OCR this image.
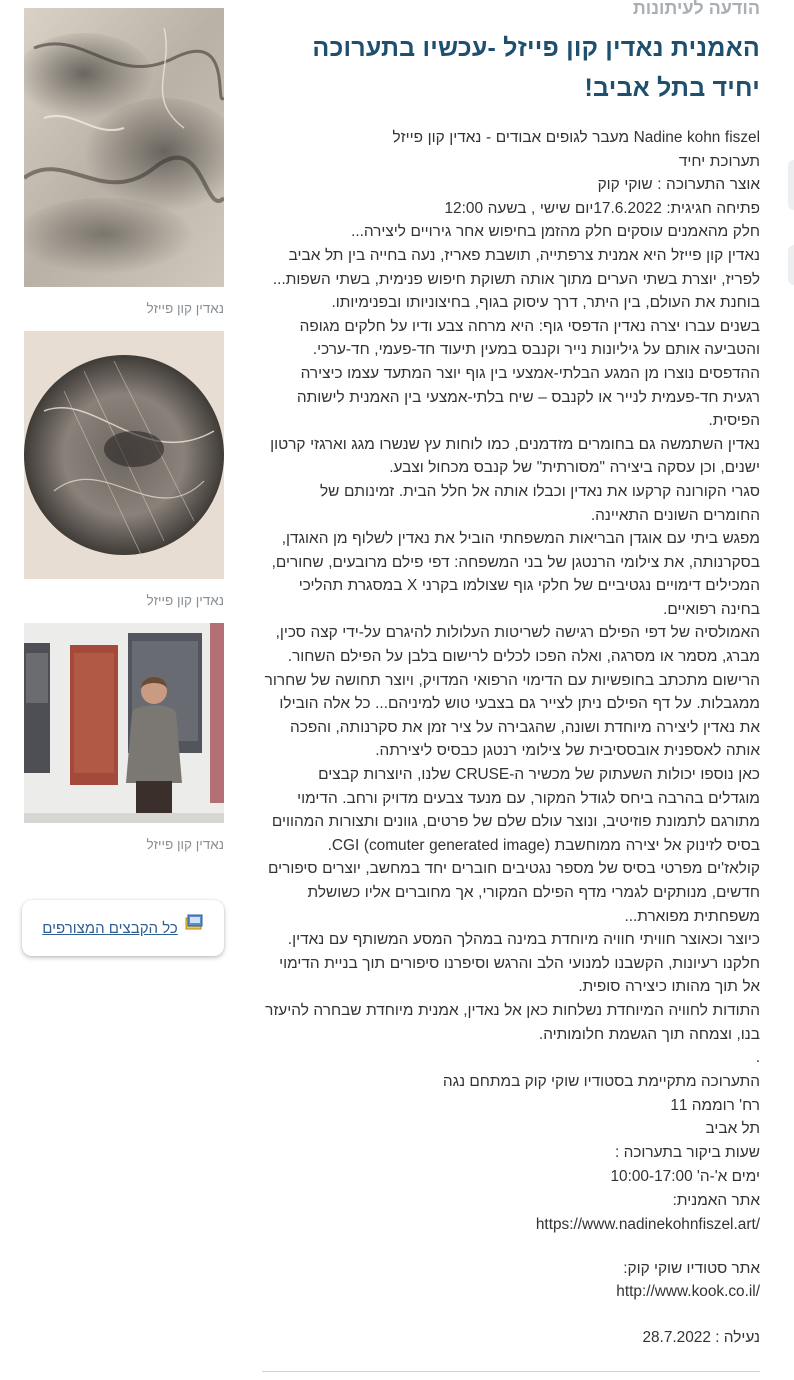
נאדין קון פייזל

נאדין קון פייזל

נאדין קון פייזל

כל הקבצים המצורפים

הודעה לעיתונות

האמנית נאדין קון פייזל -עכשיו בתערוכה יחיד בתל אביב!

Nadine kohn fiszel מעבר לגופים אבודים - נאדין קון פייזל

תערוכת יחיד

אוצר התערוכה : שוקי קוק

פתיחה חגיגית: 17.6.2022יום שישי , בשעה 12:00

חלק מהאמנים עוסקים חלק מהזמן בחיפוש אחר גירויים ליצירה...

נאדין קון פייזל היא אמנית צרפתייה, תושבת פאריז, נעה בחייה בין תל אביב לפריז, יוצרת בשתי הערים מתוך אותה תשוקת חיפוש פנימית, בשתי השפות... בוחנת את העולם, בין היתר, דרך עיסוק בגוף, בחיצוניותו ובפנימיותו.

בשנים עברו יצרה נאדין הדפסי גוף: היא מרחה צבע ודיו על חלקים מגופה והטביעה אותם על גיליונות נייר וקנבס במעין תיעוד חד-פעמי, חד-ערכי.

ההדפסים נוצרו מן המגע הבלתי-אמצעי בין גוף יוצר המתעד עצמו כיצירה רגעית חד-פעמית לנייר או לקנבס – שיח בלתי-אמצעי בין האמנית לישותה הפיסית.

נאדין השתמשה גם בחומרים מזדמנים, כמו לוחות עץ שנשרו מגג וארגזי קרטון ישנים, וכן עסקה ביצירה "מסורתית" של קנבס מכחול וצבע.

סגרי הקורונה קרקעו את נאדין וכבלו אותה אל חלל הבית. זמינותם של החומרים השונים התאיינה.

מפגש ביתי עם אוגדן הבריאות המשפחתי הוביל את נאדין לשלוף מן האוגדן, בסקרנותה, את צילומי הרנטגן של בני המשפחה: דפי פילם מרובעים, שחורים, המכילים דימויים נגטיביים של חלקי גוף שצולמו בקרני X במסגרת תהליכי בחינה רפואיים.

האמולסיה של דפי הפילם רגישה לשריטות העלולות להיגרם על-ידי קצה סכין, מברג, מסמר או מסרגה, ואלה הפכו לכלים לרישום בלבן על הפילם השחור.

הרישום מתכתב בחופשיות עם הדימוי הרפואי המדויק, ויוצר תחושה של שחרור ממגבלות. על דף הפילם ניתן לצייר גם בצבעי טוש למיניהם... כל אלה הובילו את נאדין ליצירה מיוחדת ושונה, שהגבירה על ציר זמן את סקרנותה, והפכה אותה לאספנית אובססיבית של צילומי רנטגן כבסיס ליצירתה.

כאן נוספו יכולות השעתוק של מכשיר ה-CRUSE שלנו, היוצרות קבצים מוגדלים בהרבה ביחס לגודל המקור, עם מנעד צבעים מדויק ורחב. הדימוי מתורגם לתמונת פוזיטיב, ונוצר עולם שלם של פרטים, גוונים ותצורות המהווים בסיס לזינוק אל יצירה ממוחשבת CGI (comuter generated image).

קולאז'ים מפרטי בסיס של מספר נגטיבים חוברים יחד במחשב, יוצרים סיפורים חדשים, מנותקים לגמרי מדף הפילם המקורי, אך מחוברים אליו כשושלת משפחתית מפוארת...

כיוצר וכאוצר חוויתי חוויה מיוחדת במינה במהלך המסע המשותף עם נאדין. חלקנו רעיונות, הקשבנו למנועי הלב והרגש וסיפרנו סיפורים תוך בניית הדימוי אל תוך מהותו כיצירה סופית.

התודות לחוויה המיוחדת נשלחות כאן אל נאדין, אמנית מיוחדת שבחרה להיעזר בנו, וצמחה תוך הגשמת חלומותיה.

.

התערוכה מתקיימת בסטודיו שוקי קוק במתחם נגה

רח' רוממה 11

תל אביב

שעות ביקור בתערוכה :

ימים א'-ה' 10:00-17:00

אתר האמנית:

https://www.nadinekohnfiszel.art/

אתר סטודיו שוקי קוק:

http://www.kook.co.il/

נעילה : 28.7.2022
